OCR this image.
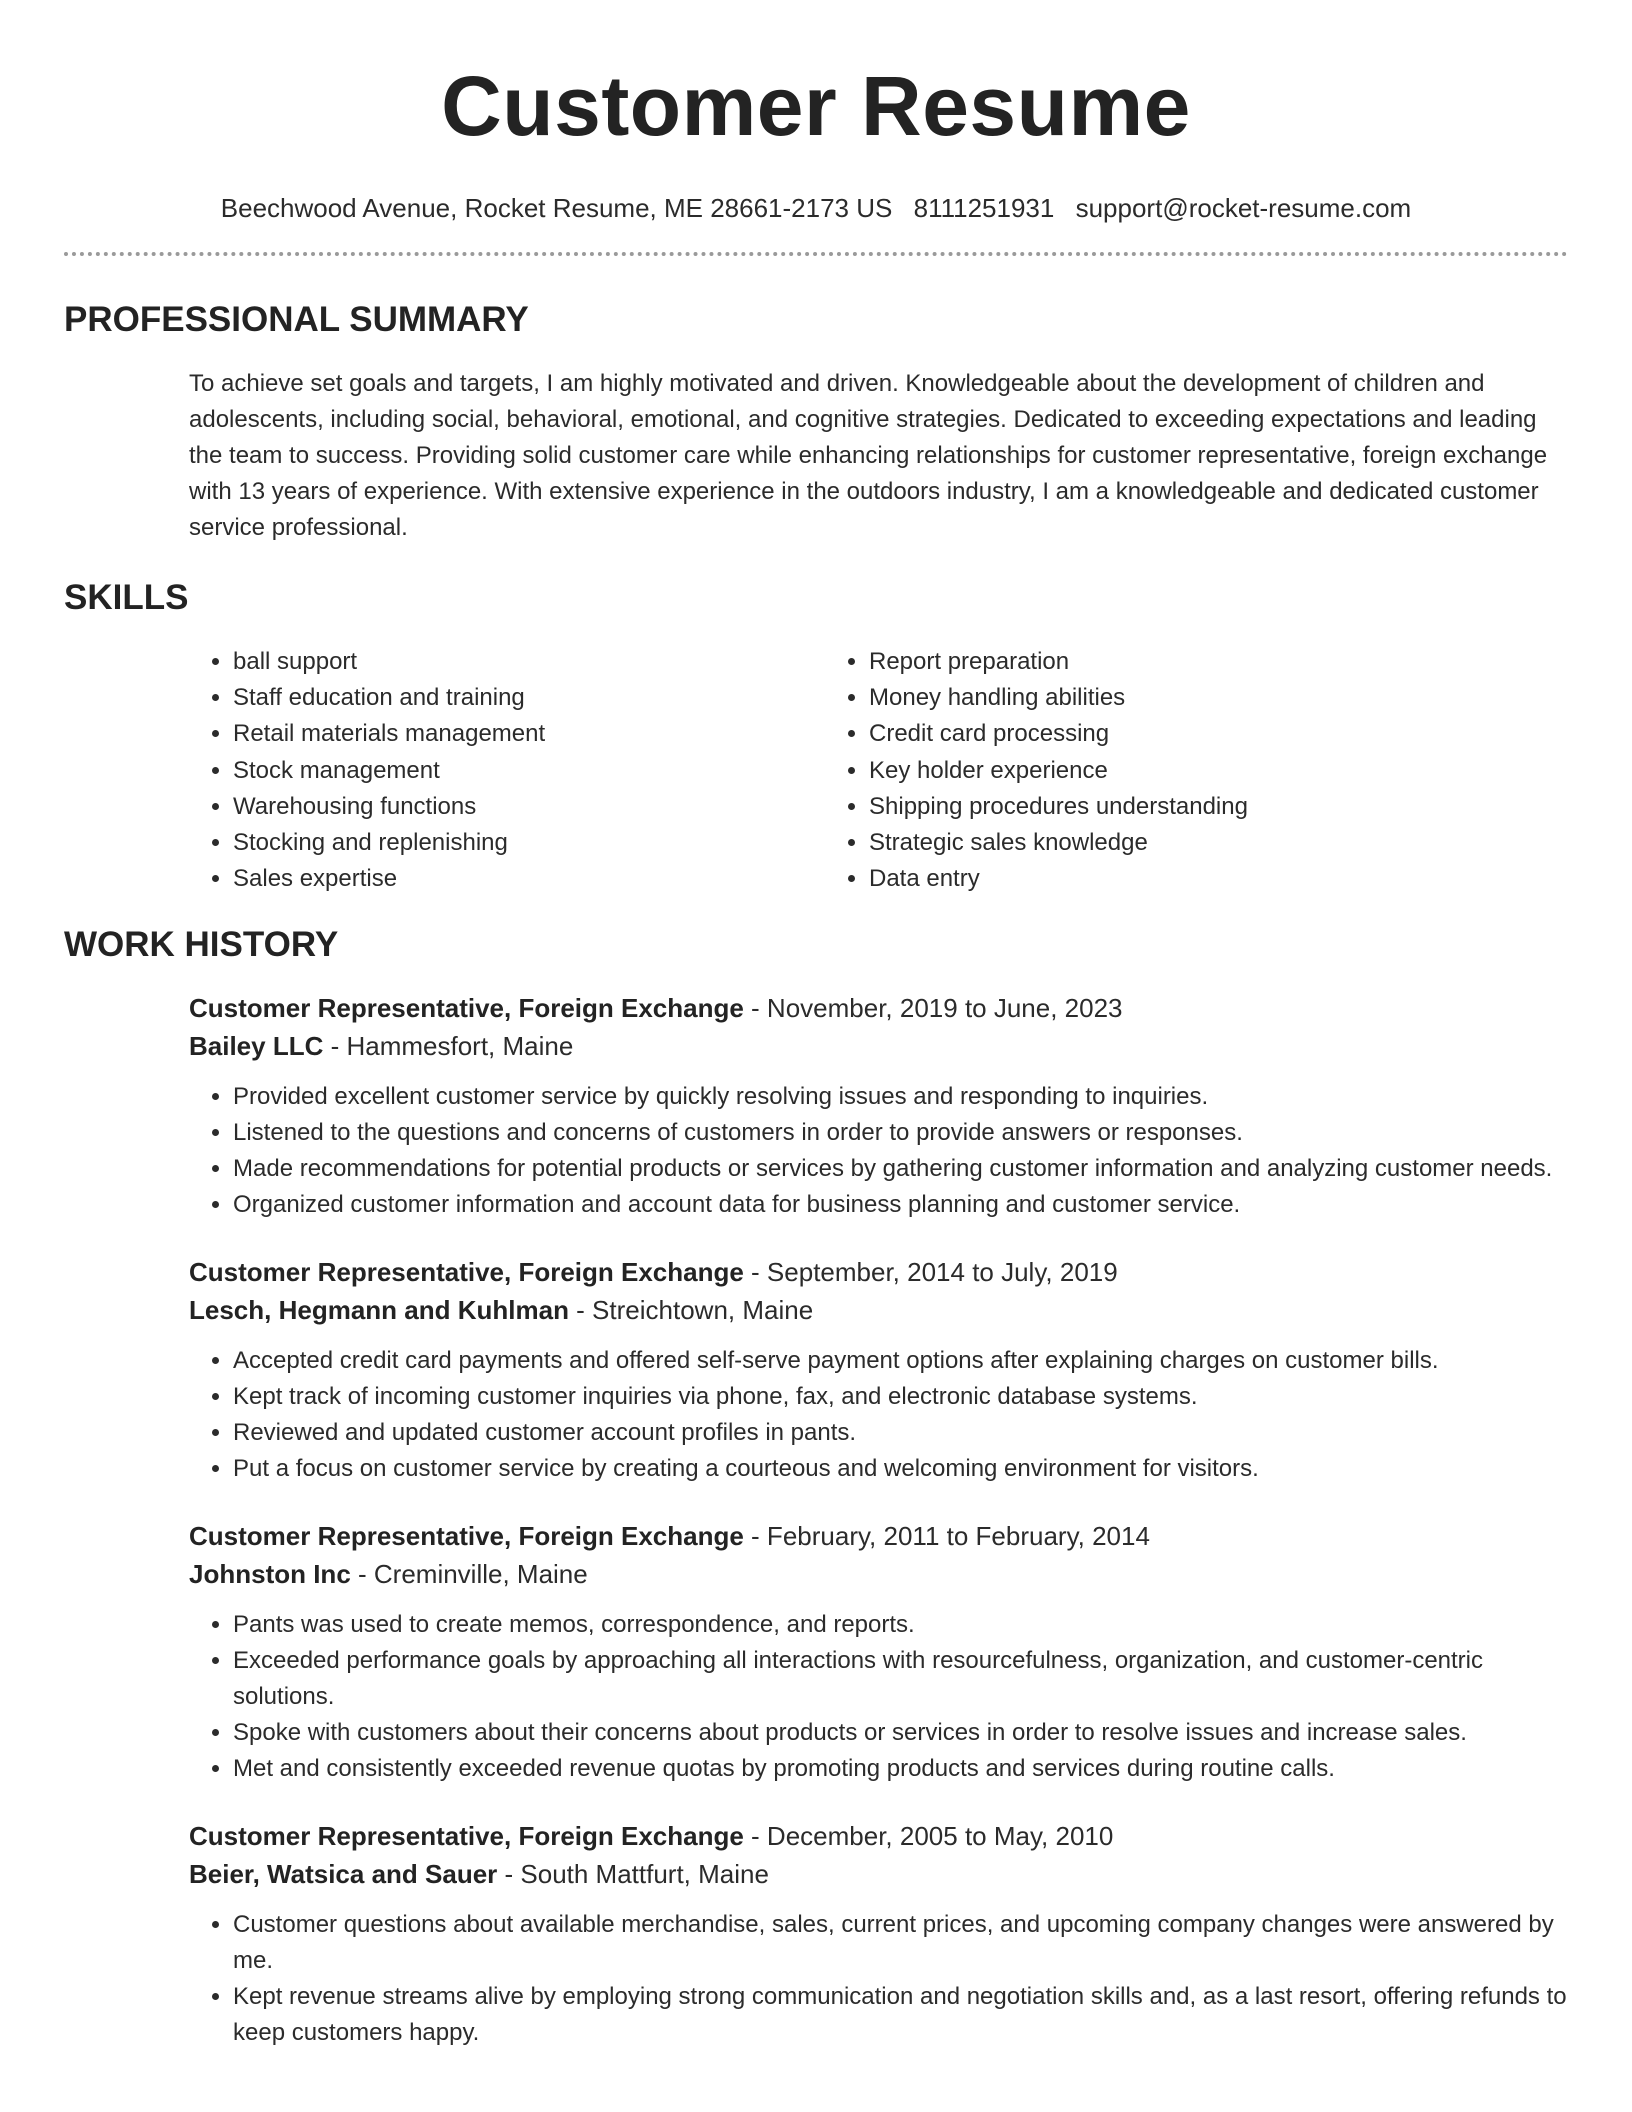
Customer Resume
Beechwood Avenue, Rocket Resume, ME 28661-2173 US 8111251931 support@rocket-resume.com
PROFESSIONAL SUMMARY

To achieve set goals and targets, I am highly motivated and driven. Knowledgeable about the development of children and adolescents, including social, behavioral, emotional, and cognitive strategies. Dedicated to exceeding expectations and leading the team to success. Providing solid customer care while enhancing relationships for customer representative, foreign exchange with 13 years of experience. With extensive experience in the outdoors industry, I am a knowledgeable and dedicated customer service professional.

SKILLS
• ball support
• Staff education and training
• Retail materials management
• Stock management
• Warehousing functions
• Stocking and replenishing
• Sales expertise
• Report preparation
• Money handling abilities
• Credit card processing
• Key holder experience
• Shipping procedures understanding
• Strategic sales knowledge
• Data entry
WORK HISTORY
Customer Representative, Foreign Exchange - November, 2019 to June, 2023
Bailey LLC - Hammesfort, Maine
• Provided excellent customer service by quickly resolving issues and responding to inquiries.
• Listened to the questions and concerns of customers in order to provide answers or responses.
• Made recommendations for potential products or services by gathering customer information and analyzing customer needs.
• Organized customer information and account data for business planning and customer service.
Customer Representative, Foreign Exchange - September, 2014 to July, 2019
Lesch, Hegmann and Kuhlman - Streichtown, Maine
• Accepted credit card payments and offered self-serve payment options after explaining charges on customer bills.
• Kept track of incoming customer inquiries via phone, fax, and electronic database systems.
• Reviewed and updated customer account profiles in pants.
• Put a focus on customer service by creating a courteous and welcoming environment for visitors.
Customer Representative, Foreign Exchange - February, 2011 to February, 2014
Johnston Inc - Creminville, Maine
• Pants was used to create memos, correspondence, and reports.
• Exceeded performance goals by approaching all interactions with resourcefulness, organization, and customer-centric solutions.
• Spoke with customers about their concerns about products or services in order to resolve issues and increase sales.
• Met and consistently exceeded revenue quotas by promoting products and services during routine calls.
Customer Representative, Foreign Exchange - December, 2005 to May, 2010
Beier, Watsica and Sauer - South Mattfurt, Maine
• Customer questions about available merchandise, sales, current prices, and upcoming company changes were answered by me.
• Kept revenue streams alive by employing strong communication and negotiation skills and, as a last resort, offering refunds to keep customers happy.
